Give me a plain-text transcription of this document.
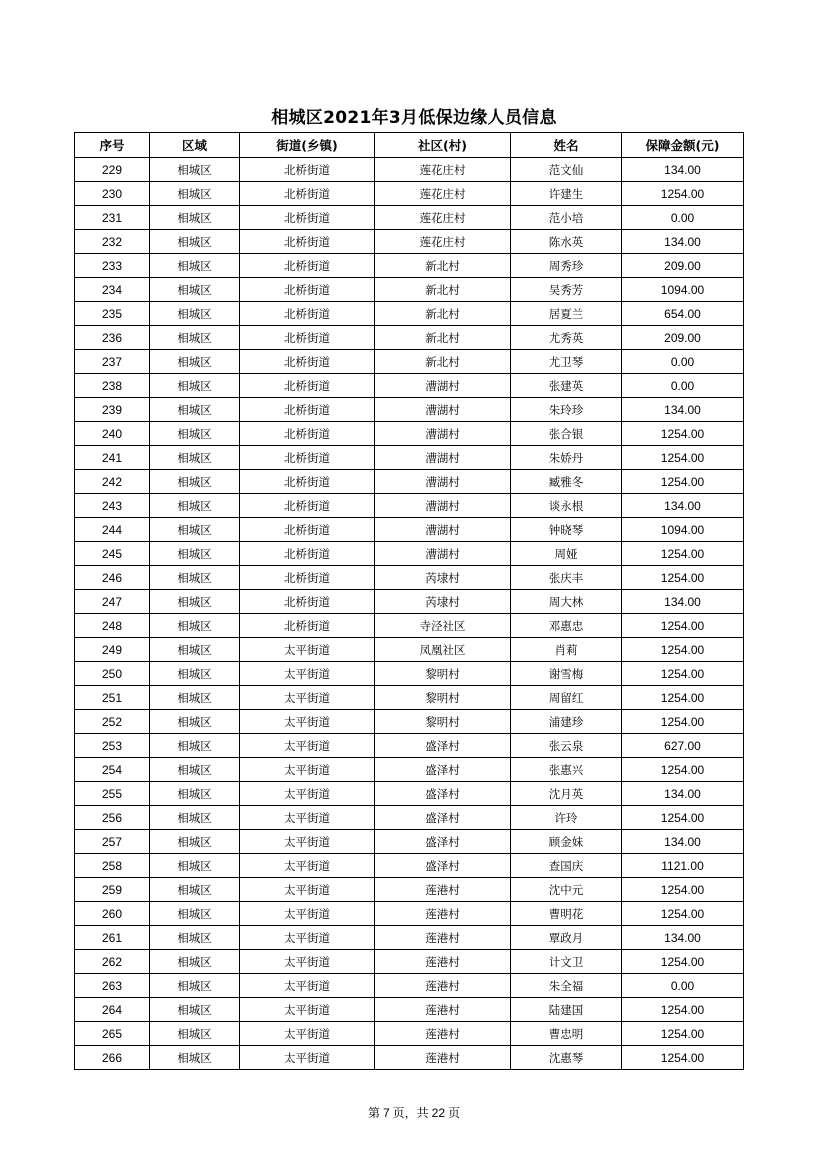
相城区2021年3月低保边缘人员信息
序号	区域	街道(乡镇)	社区(村)	姓名	保障金额(元)
229	相城区	北桥街道	莲花庄村	范文仙	134.00
230	相城区	北桥街道	莲花庄村	许建生	1254.00
231	相城区	北桥街道	莲花庄村	范小培	0.00
232	相城区	北桥街道	莲花庄村	陈水英	134.00
233	相城区	北桥街道	新北村	周秀珍	209.00
234	相城区	北桥街道	新北村	吴秀芳	1094.00
235	相城区	北桥街道	新北村	居夏兰	654.00
236	相城区	北桥街道	新北村	尤秀英	209.00
237	相城区	北桥街道	新北村	尤卫琴	0.00
238	相城区	北桥街道	漕湖村	张建英	0.00
239	相城区	北桥街道	漕湖村	朱玲珍	134.00
240	相城区	北桥街道	漕湖村	张合银	1254.00
241	相城区	北桥街道	漕湖村	朱娇丹	1254.00
242	相城区	北桥街道	漕湖村	臧雅冬	1254.00
243	相城区	北桥街道	漕湖村	谈永根	134.00
244	相城区	北桥街道	漕湖村	钟晓琴	1094.00
245	相城区	北桥街道	漕湖村	周娅	1254.00
246	相城区	北桥街道	芮埭村	张庆丰	1254.00
247	相城区	北桥街道	芮埭村	周大林	134.00
248	相城区	北桥街道	寺泾社区	邓惠忠	1254.00
249	相城区	太平街道	凤凰社区	肖莉	1254.00
250	相城区	太平街道	黎明村	谢雪梅	1254.00
251	相城区	太平街道	黎明村	周留红	1254.00
252	相城区	太平街道	黎明村	浦建珍	1254.00
253	相城区	太平街道	盛泽村	张云泉	627.00
254	相城区	太平街道	盛泽村	张惠兴	1254.00
255	相城区	太平街道	盛泽村	沈月英	134.00
256	相城区	太平街道	盛泽村	许玲	1254.00
257	相城区	太平街道	盛泽村	顾金妹	134.00
258	相城区	太平街道	盛泽村	查国庆	1121.00
259	相城区	太平街道	莲港村	沈中元	1254.00
260	相城区	太平街道	莲港村	曹明花	1254.00
261	相城区	太平街道	莲港村	覃政月	134.00
262	相城区	太平街道	莲港村	计文卫	1254.00
263	相城区	太平街道	莲港村	朱全福	0.00
264	相城区	太平街道	莲港村	陆建国	1254.00
265	相城区	太平街道	莲港村	曹忠明	1254.00
266	相城区	太平街道	莲港村	沈惠琴	1254.00
第 7 页，共 22 页
